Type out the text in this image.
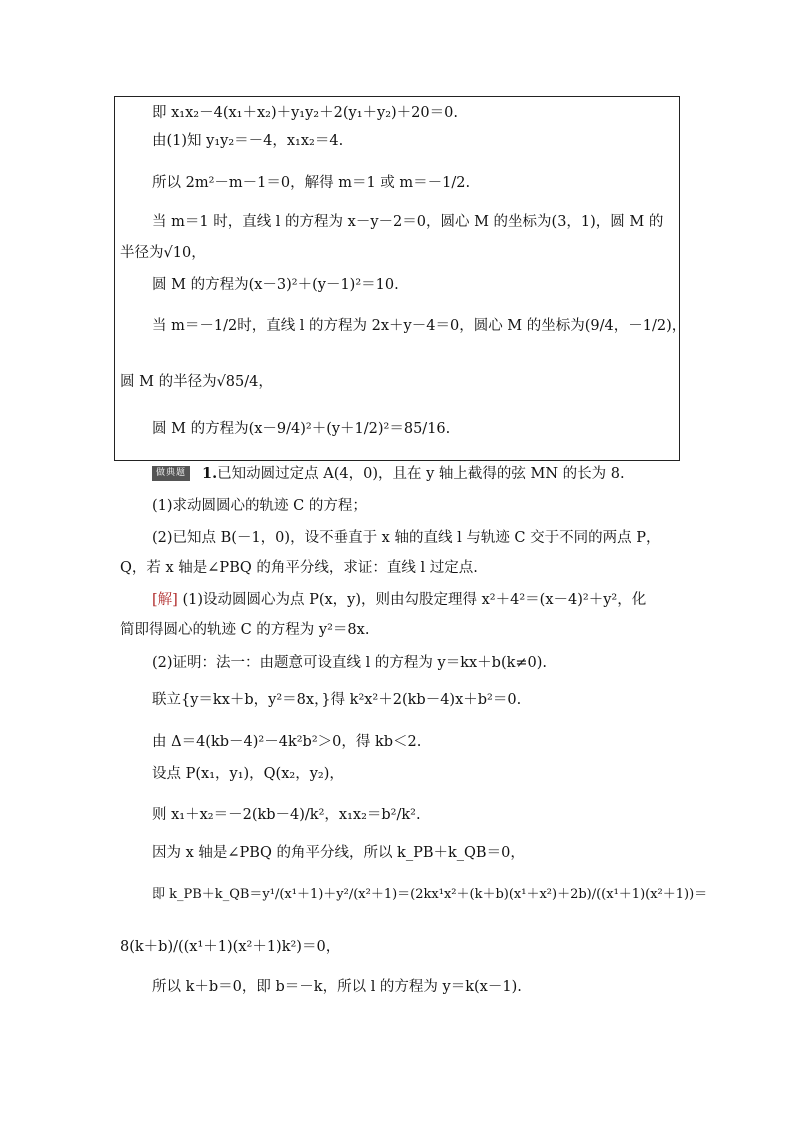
即 x₁x₂－4(x₁＋x₂)＋y₁y₂＋2(y₁＋y₂)＋20＝0.
由(1)知 y₁y₂＝－4，x₁x₂＝4.
所以 2m²－m－1＝0，解得 m＝1 或 m＝－1/2.
当 m＝1 时，直线 l 的方程为 x－y－2＝0，圆心 M 的坐标为(3，1)，圆 M 的
半径为√10，
圆 M 的方程为(x－3)²＋(y－1)²＝10.
当 m＝－1/2时，直线 l 的方程为 2x＋y－4＝0，圆心 M 的坐标为(9/4，－1/2)，
圆 M 的半径为√85/4，
圆 M 的方程为(x－9/4)²＋(y＋1/2)²＝85/16.
做典题 1.已知动圆过定点 A(4，0)，且在 y 轴上截得的弦 MN 的长为 8.
(1)求动圆圆心的轨迹 C 的方程；
(2)已知点 B(－1，0)，设不垂直于 x 轴的直线 l 与轨迹 C 交于不同的两点 P，
Q，若 x 轴是∠PBQ 的角平分线，求证：直线 l 过定点.
[解] (1)设动圆圆心为点 P(x，y)，则由勾股定理得 x²＋4²＝(x－4)²＋y²，化
简即得圆心的轨迹 C 的方程为 y²＝8x.
(2)证明：法一：由题意可设直线 l 的方程为 y＝kx＋b(k≠0).
联立{y＝kx＋b，y²＝8x，}得 k²x²＋2(kb－4)x＋b²＝0.
由 Δ＝4(kb－4)²－4k²b²＞0，得 kb＜2.
设点 P(x₁，y₁)，Q(x₂，y₂)，
则 x₁＋x₂＝－2(kb－4)/k²，x₁x₂＝b²/k².
因为 x 轴是∠PBQ 的角平分线，所以 k_PB＋k_QB＝0，
即 k_PB＋k_QB＝y¹/(x¹＋1)＋y²/(x²＋1)＝(2kx¹x²＋(k＋b)(x¹＋x²)＋2b)/((x¹＋1)(x²＋1))＝
8(k＋b)/((x¹＋1)(x²＋1)k²)＝0，
所以 k＋b＝0，即 b＝－k，所以 l 的方程为 y＝k(x－1).
